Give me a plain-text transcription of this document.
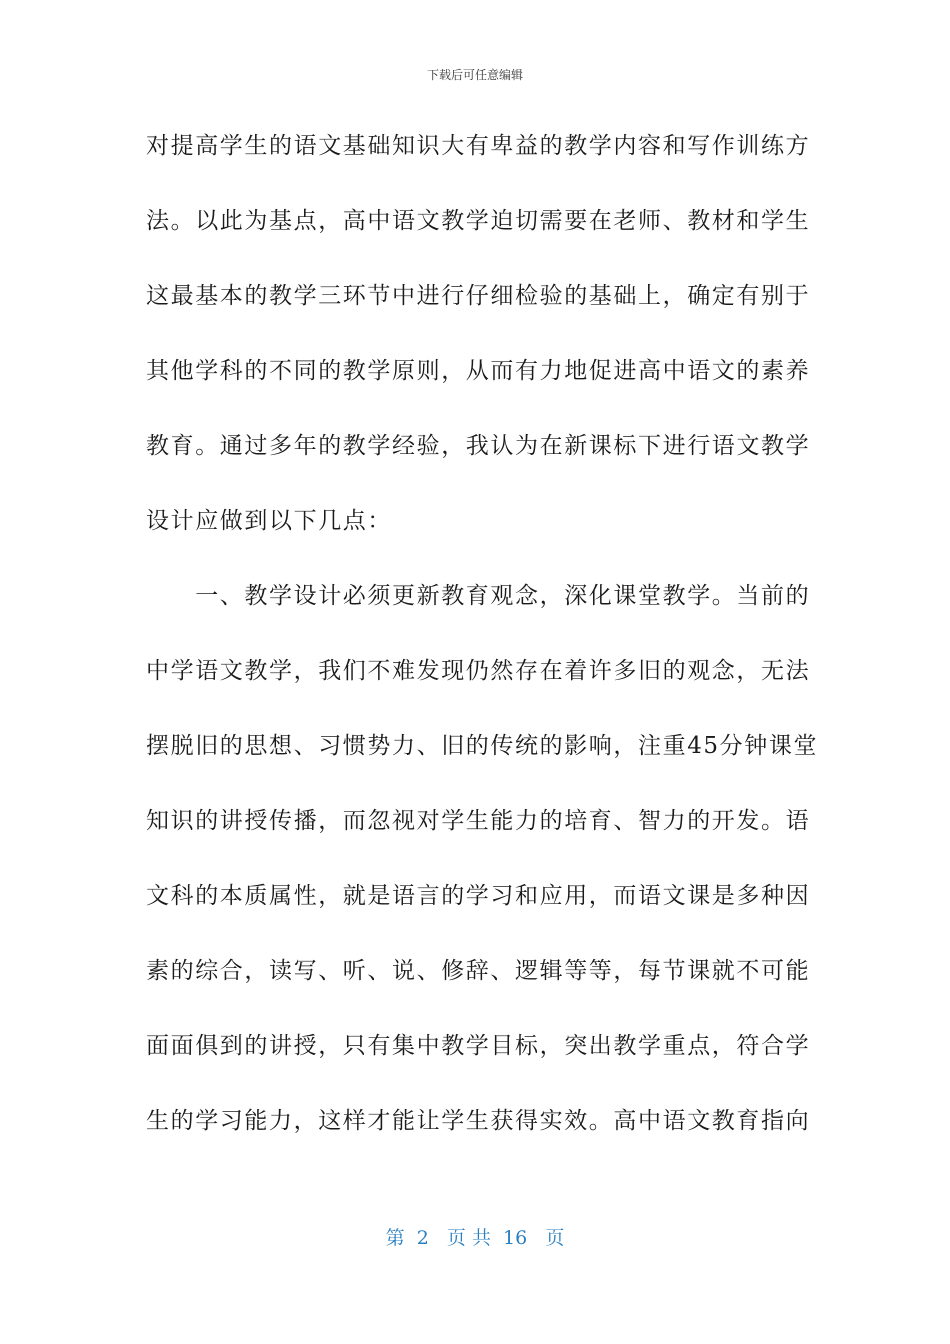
下载后可任意编辑
对提高学生的语文基础知识大有卑益的教学内容和写作训练方
法。以此为基点，高中语文教学迫切需要在老师、教材和学生
这最基本的教学三环节中进行仔细检验的基础上，确定有别于
其他学科的不同的教学原则，从而有力地促进高中语文的素养
教育。通过多年的教学经验，我认为在新课标下进行语文教学
设计应做到以下几点：
　　一、教学设计必须更新教育观念，深化课堂教学。当前的
中学语文教学，我们不难发现仍然存在着许多旧的观念，无法
摆脱旧的思想、习惯势力、旧的传统的影响，注重45分钟课堂
知识的讲授传播，而忽视对学生能力的培育、智力的开发。语
文科的本质属性，就是语言的学习和应用，而语文课是多种因
素的综合，读写、听、说、修辞、逻辑等等，每节课就不可能
面面俱到的讲授，只有集中教学目标，突出教学重点，符合学
生的学习能力，这样才能让学生获得实效。高中语文教育指向
第  2   页 共  16   页
